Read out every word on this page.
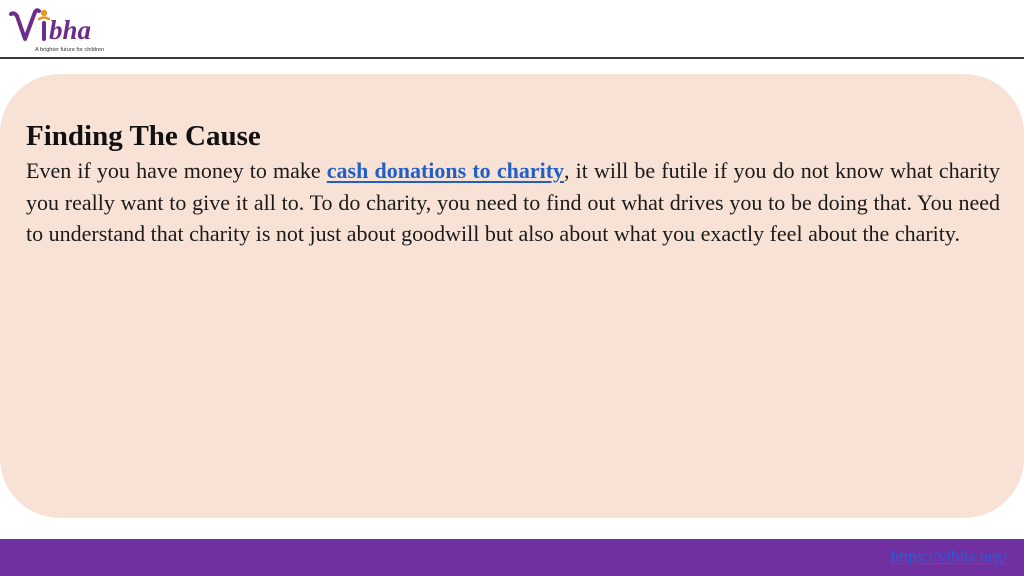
bha
A brighter future for children
Finding The Cause

Even if you have money to make cash donations to charity, it will be futile if you do not know what charity you really want to give it all to. To do charity, you need to find out what drives you to be doing that. You need to understand that charity is not just about goodwill but also about what you exactly feel about the charity.

https://vibha.org/
